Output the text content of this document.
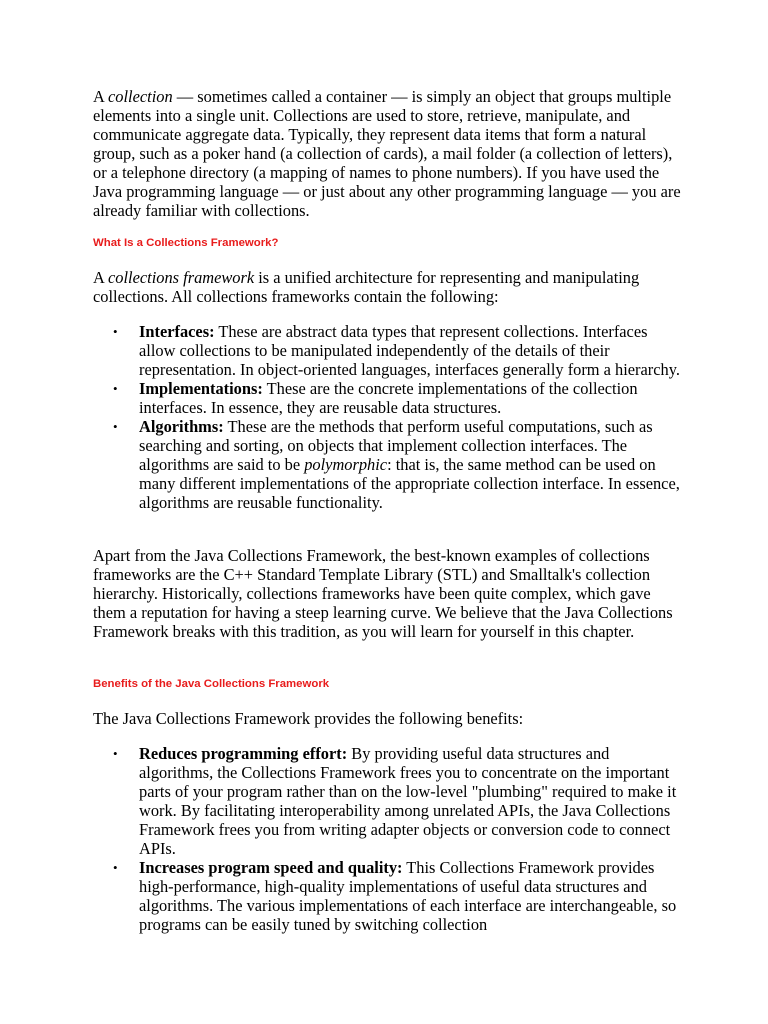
A collection — sometimes called a container — is simply an object that groups multiple elements into a single unit. Collections are used to store, retrieve, manipulate, and communicate aggregate data. Typically, they represent data items that form a natural group, such as a poker hand (a collection of cards), a mail folder (a collection of letters), or a telephone directory (a mapping of names to phone numbers). If you have used the Java programming language — or just about any other programming language — you are already familiar with collections.

What Is a Collections Framework?

A collections framework is a unified architecture for representing and manipulating collections. All collections frameworks contain the following:

• Interfaces: These are abstract data types that represent collections. Interfaces allow collections to be manipulated independently of the details of their representation. In object-oriented languages, interfaces generally form a hierarchy.
• Implementations: These are the concrete implementations of the collection interfaces. In essence, they are reusable data structures.
• Algorithms: These are the methods that perform useful computations, such as searching and sorting, on objects that implement collection interfaces. The algorithms are said to be polymorphic: that is, the same method can be used on many different implementations of the appropriate collection interface. In essence, algorithms are reusable functionality.

Apart from the Java Collections Framework, the best-known examples of collections frameworks are the C++ Standard Template Library (STL) and Smalltalk's collection hierarchy. Historically, collections frameworks have been quite complex, which gave them a reputation for having a steep learning curve. We believe that the Java Collections Framework breaks with this tradition, as you will learn for yourself in this chapter.

Benefits of the Java Collections Framework

The Java Collections Framework provides the following benefits:

• Reduces programming effort: By providing useful data structures and algorithms, the Collections Framework frees you to concentrate on the important parts of your program rather than on the low-level "plumbing" required to make it work. By facilitating interoperability among unrelated APIs, the Java Collections Framework frees you from writing adapter objects or conversion code to connect APIs.
• Increases program speed and quality: This Collections Framework provides high-performance, high-quality implementations of useful data structures and algorithms. The various implementations of each interface are interchangeable, so programs can be easily tuned by switching collection
